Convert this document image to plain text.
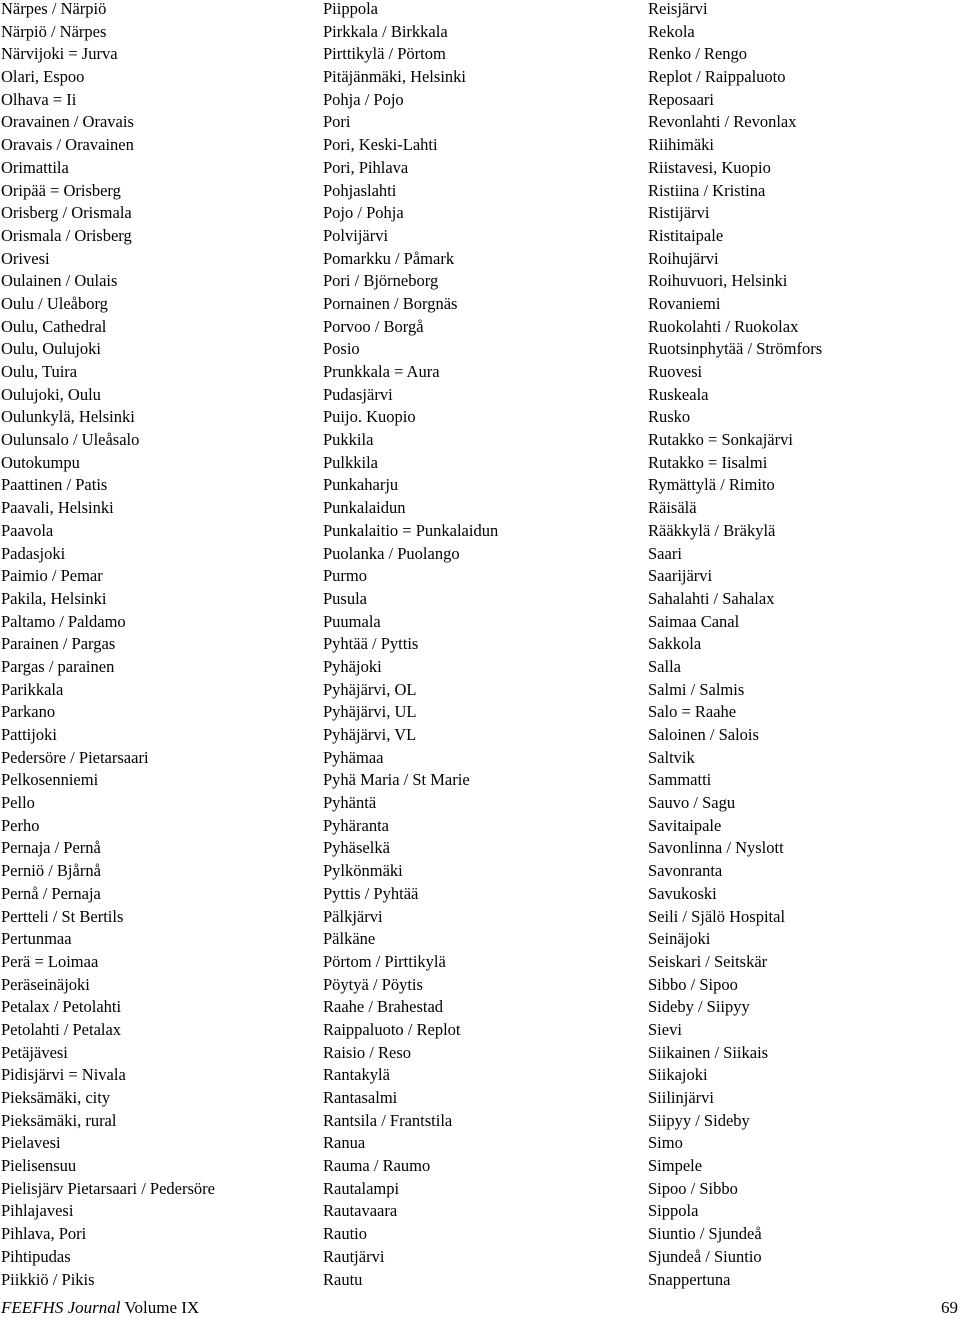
Närpes / Närpiö
Närpiö / Närpes
Närvijoki = Jurva
Olari, Espoo
Olhava = Ii
Oravainen / Oravais
Oravais / Oravainen
Orimattila
Oripää = Orisberg
Orisberg / Orismala
Orismala / Orisberg
Orivesi
Oulainen / Oulais
Oulu / Uleåborg
Oulu, Cathedral
Oulu, Oulujoki
Oulu, Tuira
Oulujoki, Oulu
Oulunkylä, Helsinki
Oulunsalo / Uleåsalo
Outokumpu
Paattinen / Patis
Paavali, Helsinki
Paavola
Padasjoki
Paimio / Pemar
Pakila, Helsinki
Paltamo / Paldamo
Parainen / Pargas
Pargas / parainen
Parikkala
Parkano
Pattijoki
Pedersöre / Pietarsaari
Pelkosenniemi
Pello
Perho
Pernaja / Pernå
Perniö / Bjårnå
Pernå / Pernaja
Pertteli / St Bertils
Pertunmaa
Perä = Loimaa
Peräseinäjoki
Petalax / Petolahti
Petolahti / Petalax
Petäjävesi
Pidisjärvi = Nivala
Pieksämäki, city
Pieksämäki, rural
Pielavesi
Pielisensuu
Pielisjärv Pietarsaari / Pedersöre
Pihlajavesi
Pihlava, Pori
Pihtipudas
Piikkiö / Pikis
Piippola
Pirkkala / Birkkala
Pirttikylä / Pörtom
Pitäjänmäki, Helsinki
Pohja / Pojo
Pori
Pori, Keski-Lahti
Pori, Pihlava
Pohjaslahti
Pojo / Pohja
Polvijärvi
Pomarkku / Påmark
Pori / Björneborg
Pornainen / Borgnäs
Porvoo / Borgå
Posio
Prunkkala = Aura
Pudasjärvi
Puijo. Kuopio
Pukkila
Pulkkila
Punkaharju
Punkalaidun
Punkalaitio = Punkalaidun
Puolanka / Puolango
Purmo
Pusula
Puumala
Pyhtää / Pyttis
Pyhäjoki
Pyhäjärvi, OL
Pyhäjärvi, UL
Pyhäjärvi, VL
Pyhämaa
Pyhä Maria / St Marie
Pyhäntä
Pyhäranta
Pyhäselkä
Pylkönmäki
Pyttis / Pyhtää
Pälkjärvi
Pälkäne
Pörtom / Pirttikylä
Pöytyä / Pöytis
Raahe / Brahestad
Raippaluoto / Replot
Raisio / Reso
Rantakylä
Rantasalmi
Rantsila / Frantstila
Ranua
Rauma / Raumo
Rautalampi
Rautavaara
Rautio
Rautjärvi
Rautu
Reisjärvi
Rekola
Renko / Rengo
Replot / Raippaluoto
Reposaari
Revonlahti / Revonlax
Riihimäki
Riistavesi, Kuopio
Ristiina / Kristina
Ristijärvi
Ristitaipale
Roihujärvi
Roihuvuori, Helsinki
Rovaniemi
Ruokolahti / Ruokolax
Ruotsinphytää / Strömfors
Ruovesi
Ruskeala
Rusko
Rutakko = Sonkajärvi
Rutakko = Iisalmi
Rymättylä / Rimito
Räisälä
Rääkkylä / Bräkylä
Saari
Saarijärvi
Sahalahti / Sahalax
Saimaa Canal
Sakkola
Salla
Salmi / Salmis
Salo = Raahe
Saloinen / Salois
Saltvik
Sammatti
Sauvo / Sagu
Savitaipale
Savonlinna / Nyslott
Savonranta
Savukoski
Seili / Själö Hospital
Seinäjoki
Seiskari / Seitskär
Sibbo / Sipoo
Sideby / Siipyy
Sievi
Siikainen / Siikais
Siikajoki
Siilinjärvi
Siipyy / Sideby
Simo
Simpele
Sipoo / Sibbo
Sippola
Siuntio / Sjundeå
Sjundeå / Siuntio
Snappertuna
FEEFHS Journal Volume IX	69
